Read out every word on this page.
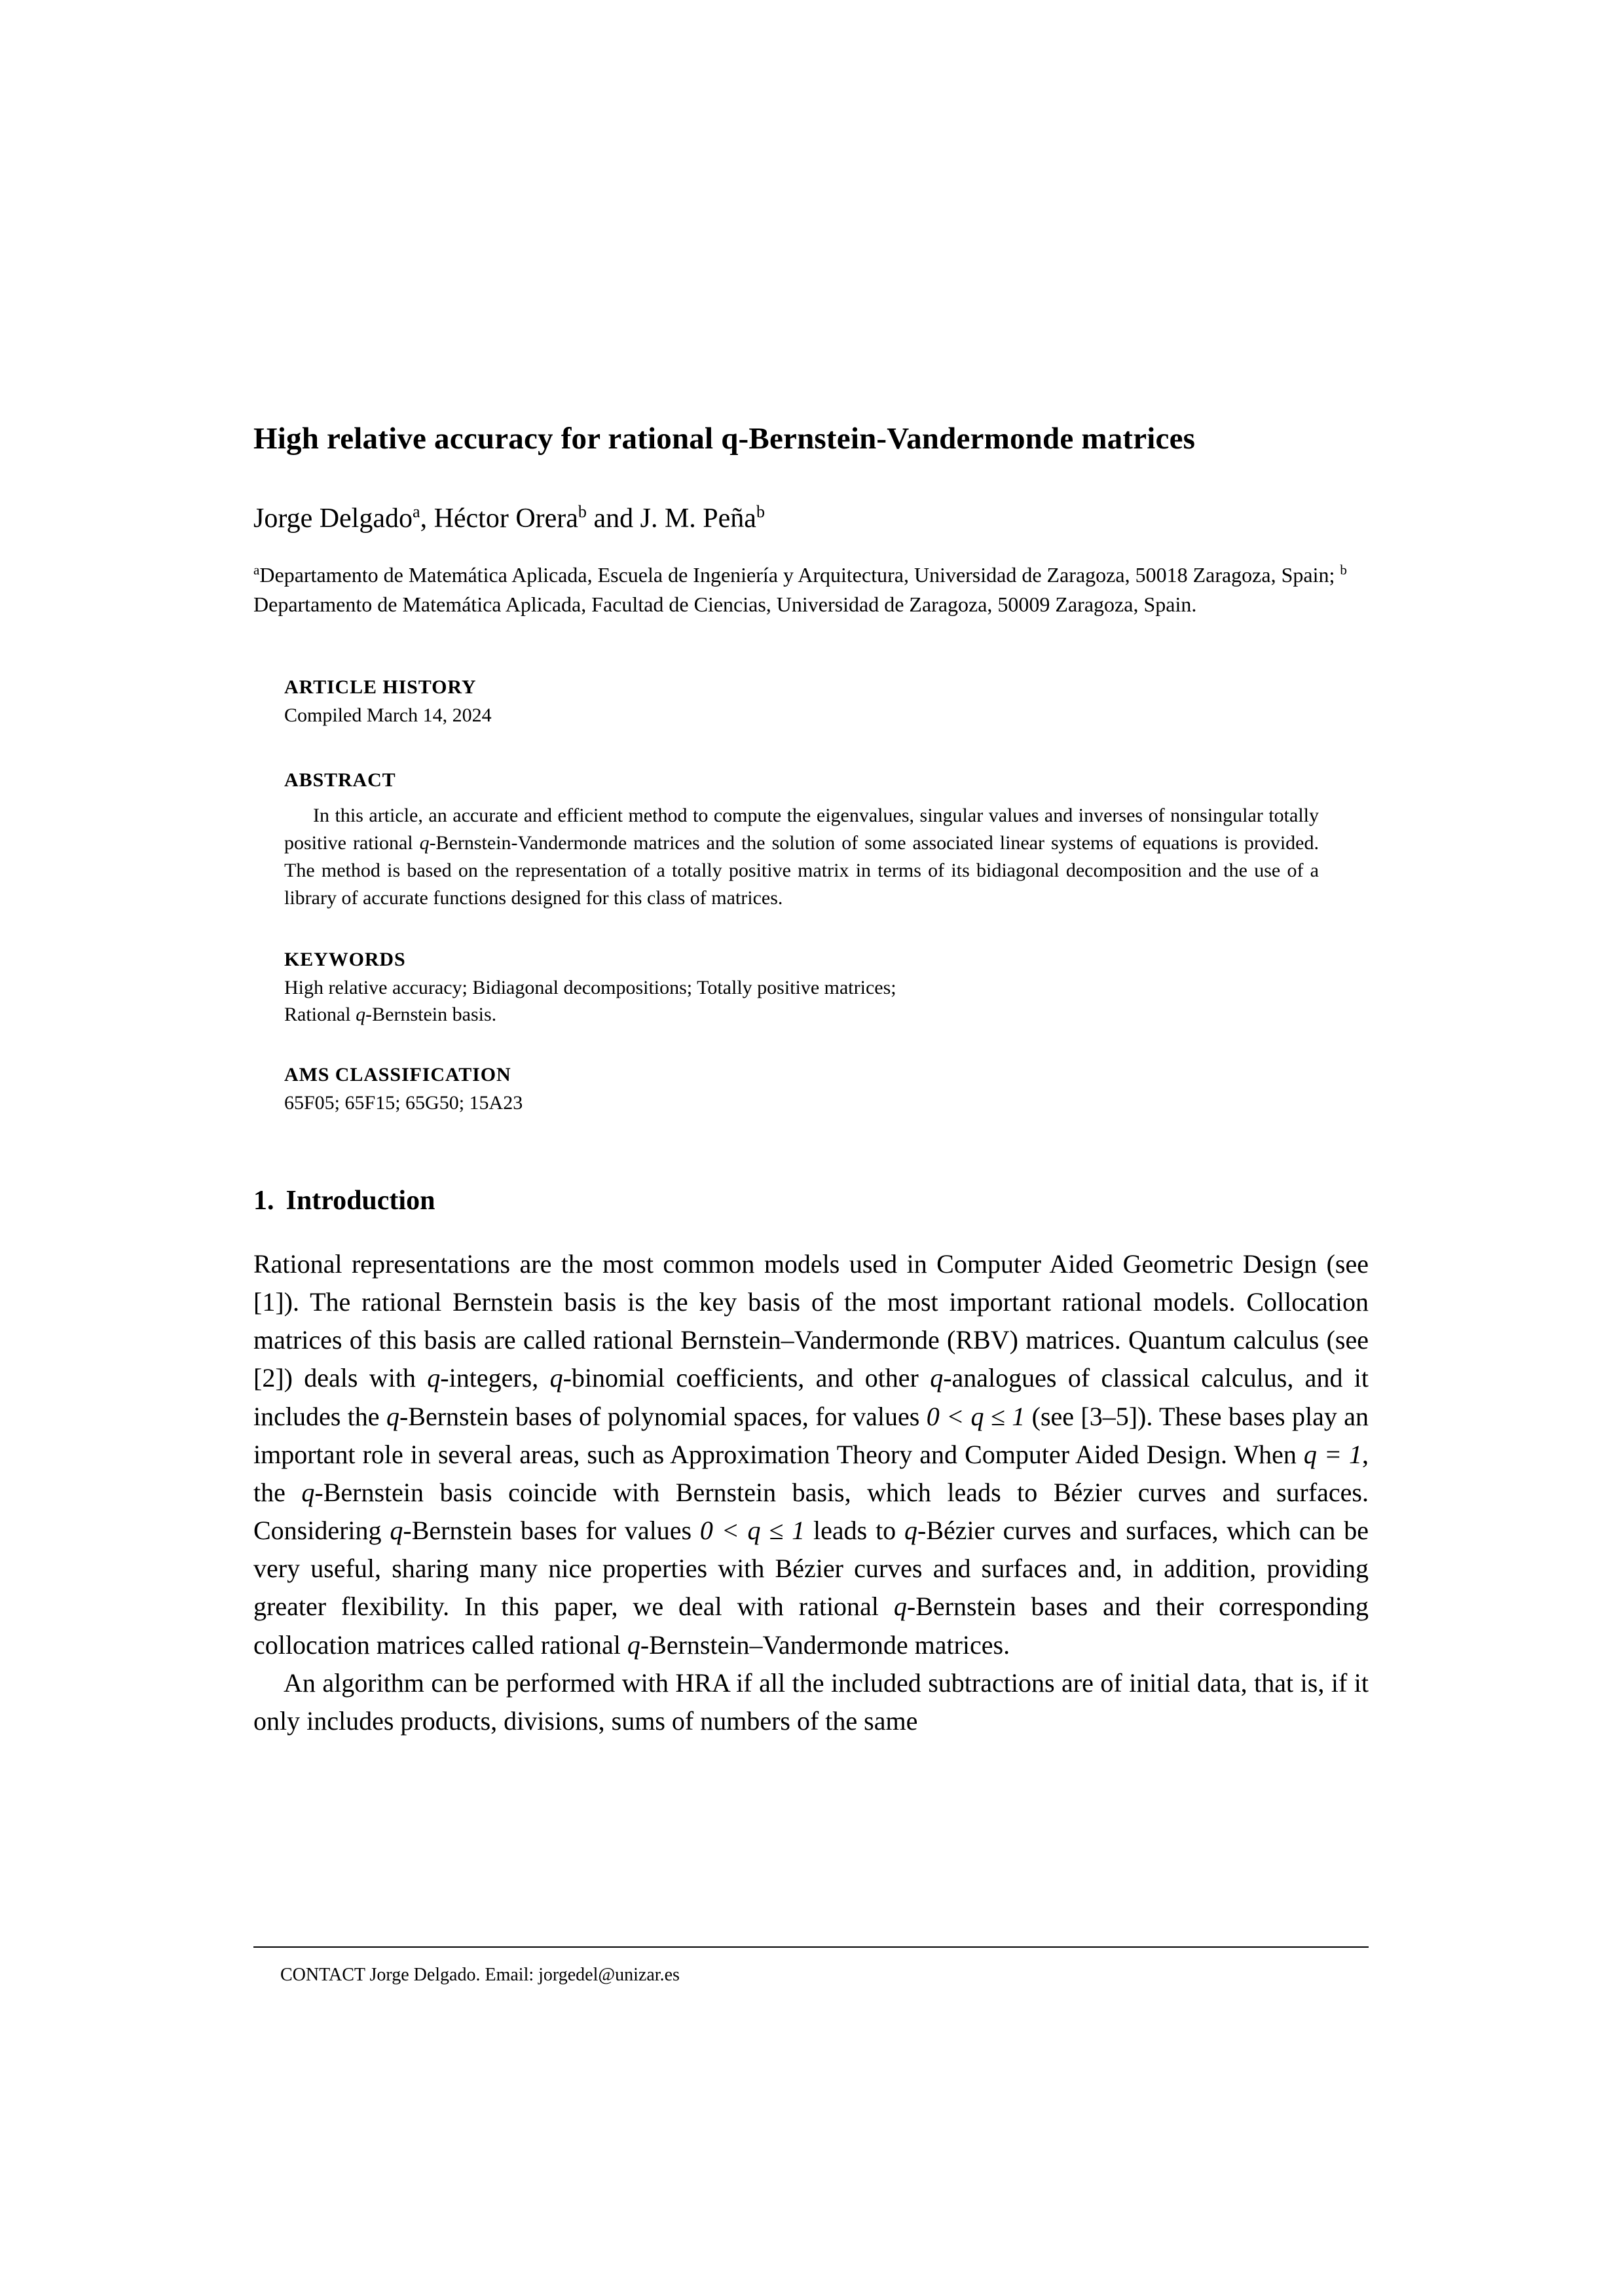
High relative accuracy for rational q-Bernstein-Vandermonde matrices
Jorge Delgado$^a$, Héctor Orera$^b$ and J. M. Peña$^b$
$^a$Departamento de Matemática Aplicada, Escuela de Ingeniería y Arquitectura, Universidad de Zaragoza, 50018 Zaragoza, Spain; $^b$ Departamento de Matemática Aplicada, Facultad de Ciencias, Universidad de Zaragoza, 50009 Zaragoza, Spain.
ARTICLE HISTORY
Compiled March 14, 2024
ABSTRACT

In this article, an accurate and efficient method to compute the eigenvalues, singular values and inverses of nonsingular totally positive rational q-Bernstein-Vandermonde matrices and the solution of some associated linear systems of equations is provided. The method is based on the representation of a totally positive matrix in terms of its bidiagonal decomposition and the use of a library of accurate functions designed for this class of matrices.

KEYWORDS
High relative accuracy; Bidiagonal decompositions; Totally positive matrices;
Rational q-Bernstein basis.
AMS CLASSIFICATION
65F05; 65F15; 65G50; 15A23
1. Introduction

Rational representations are the most common models used in Computer Aided Geometric Design (see [1]). The rational Bernstein basis is the key basis of the most important rational models. Collocation matrices of this basis are called rational Bernstein–Vandermonde (RBV) matrices. Quantum calculus (see [2]) deals with q-integers, q-binomial coefficients, and other q-analogues of classical calculus, and it includes the q-Bernstein bases of polynomial spaces, for values 0 < q ≤ 1 (see [3–5]). These bases play an important role in several areas, such as Approximation Theory and Computer Aided Design. When q = 1, the q-Bernstein basis coincide with Bernstein basis, which leads to Bézier curves and surfaces. Considering q-Bernstein bases for values 0 < q ≤ 1 leads to q-Bézier curves and surfaces, which can be very useful, sharing many nice properties with Bézier curves and surfaces and, in addition, providing greater flexibility. In this paper, we deal with rational q-Bernstein bases and their corresponding collocation matrices called rational q-Bernstein–Vandermonde matrices.

An algorithm can be performed with HRA if all the included subtractions are of initial data, that is, if it only includes products, divisions, sums of numbers of the same

CONTACT Jorge Delgado. Email: jorgedel@unizar.es
